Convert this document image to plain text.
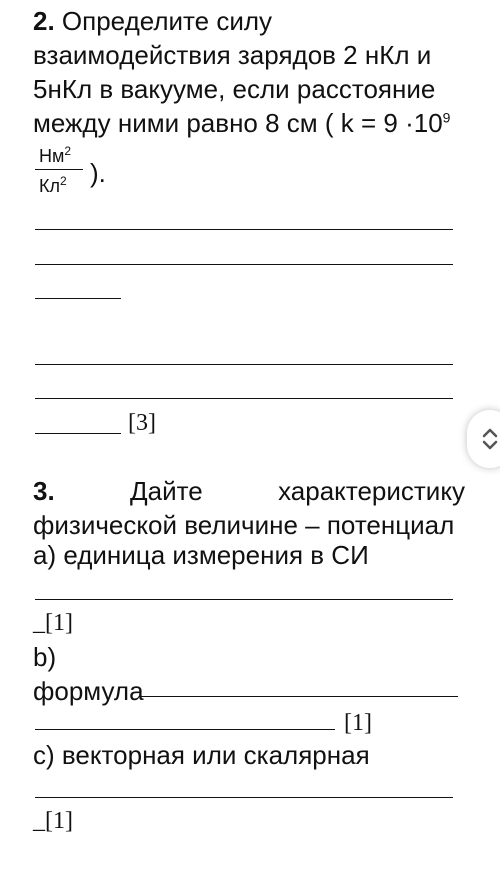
2. Определите силу
взаимодействия зарядов 2 нКл и
5нКл в вакууме, если расстояние
между ними равно 8 см ( $k = 9 \cdot 10^9$
$Нм^2$
$Кл^2$ ).
[3]
3.	Дайте	характеристику
физической величине – потенциал
а) единица измерения в СИ
_[1]
b)
формула
[1]
c) векторная или скалярная
_[1]
